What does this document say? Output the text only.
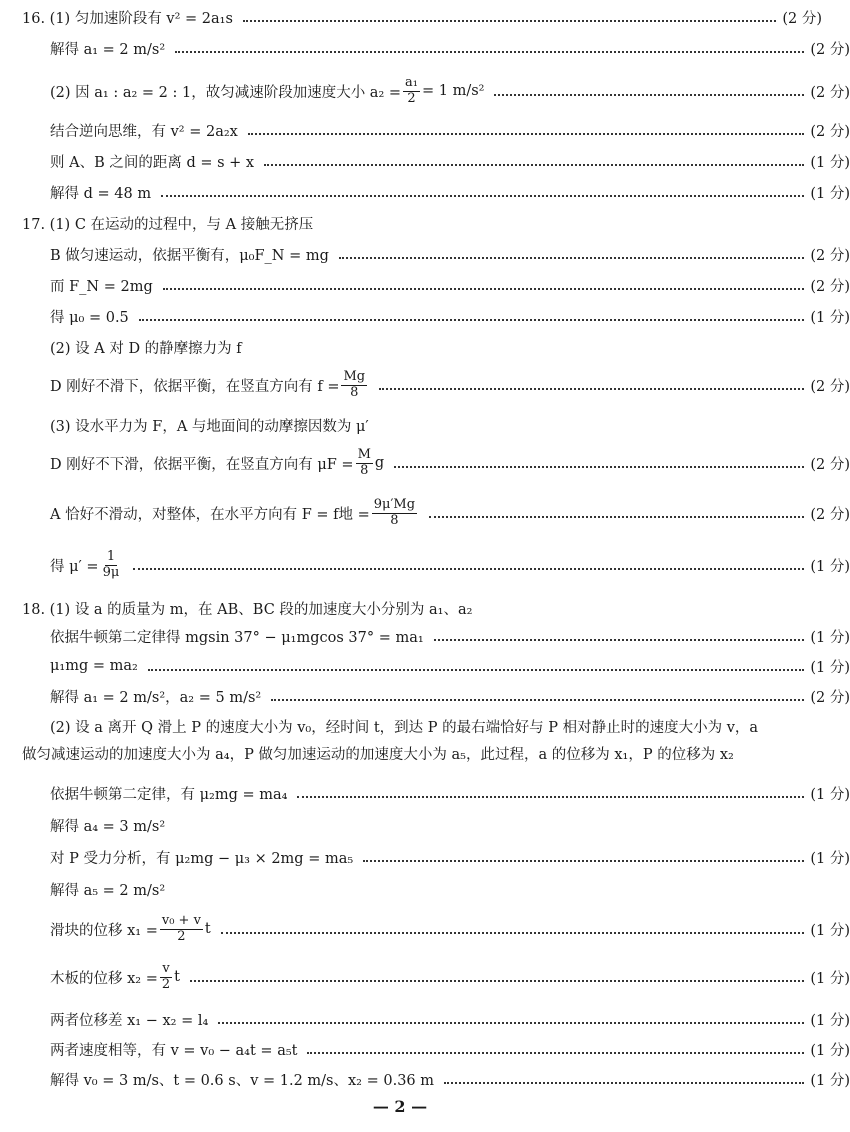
16. (1) 匀加速阶段有 v² = 2a₁s	(2 分)
解得 a₁ = 2 m/s²	(2 分)
(2) 因 a₁ : a₂ = 2 : 1，故匀减速阶段加速度大小 $a_2 = \frac{\text{a₁}}{2} = 1$ m/s²	(2 分)
结合逆向思维，有 v² = 2a₂x	(2 分)
则 A、B 之间的距离 d = s + x	(1 分)
解得 d = 48 m	(1 分)
17. (1) C 在运动的过程中，与 A 接触无挤压
B 做匀速运动，依据平衡有，μ₀F_N = mg	(2 分)
而 F_N = 2mg	(2 分)
得 μ₀ = 0.5	(1 分)
(2) 设 A 对 D 的静摩擦力为 f
D 刚好不滑下，依据平衡，在竖直方向有 $f = \frac{Mg}{8}$	(2 分)
(3) 设水平力为 F，A 与地面间的动摩擦因数为 μ′
D 刚好不下滑，依据平衡，在竖直方向有 $\mu F = \frac{M}{8}$ g	(2 分)
A 恰好不滑动，对整体，在水平方向有 F = f地 = $\frac{9\mu'Mg}{8}$	(2 分)
得 $\mu' = \frac{1}{9\mu}$	(1 分)
18. (1) 设 a 的质量为 m，在 AB、BC 段的加速度大小分别为 a₁、a₂
依据牛顿第二定律得 mgsin 37° − μ₁mgcos 37° = ma₁	(1 分)
μ₁mg = ma₂	(1 分)
解得 a₁ = 2 m/s²，a₂ = 5 m/s²	(2 分)
(2) 设 a 离开 Q 滑上 P 的速度大小为 v₀，经时间 t，到达 P 的最右端恰好与 P 相对静止时的速度大小为 v，a 做匀减速运动的加速度大小为 a₄，P 做匀加速运动的加速度大小为 a₅，此过程，a 的位移为 x₁，P 的位移为 x₂
依据牛顿第二定律，有 μ₂mg = ma₄	(1 分)
解得 a₄ = 3 m/s²
对 P 受力分析，有 μ₂mg − μ₃ × 2mg = ma₅	(1 分)
解得 a₅ = 2 m/s²
滑块的位移 $x_1 = \frac{\text{v₀ + v}}{2}$ t	(1 分)
木板的位移 $x_2 = \frac{v}{2}$ t	(1 分)
两者位移差 x₁ − x₂ = l₄	(1 分)
两者速度相等，有 v = v₀ − a₄t = a₅t	(1 分)
解得 v₀ = 3 m/s、t = 0.6 s、v = 1.2 m/s、x₂ = 0.36 m	(1 分)
— 2 —
